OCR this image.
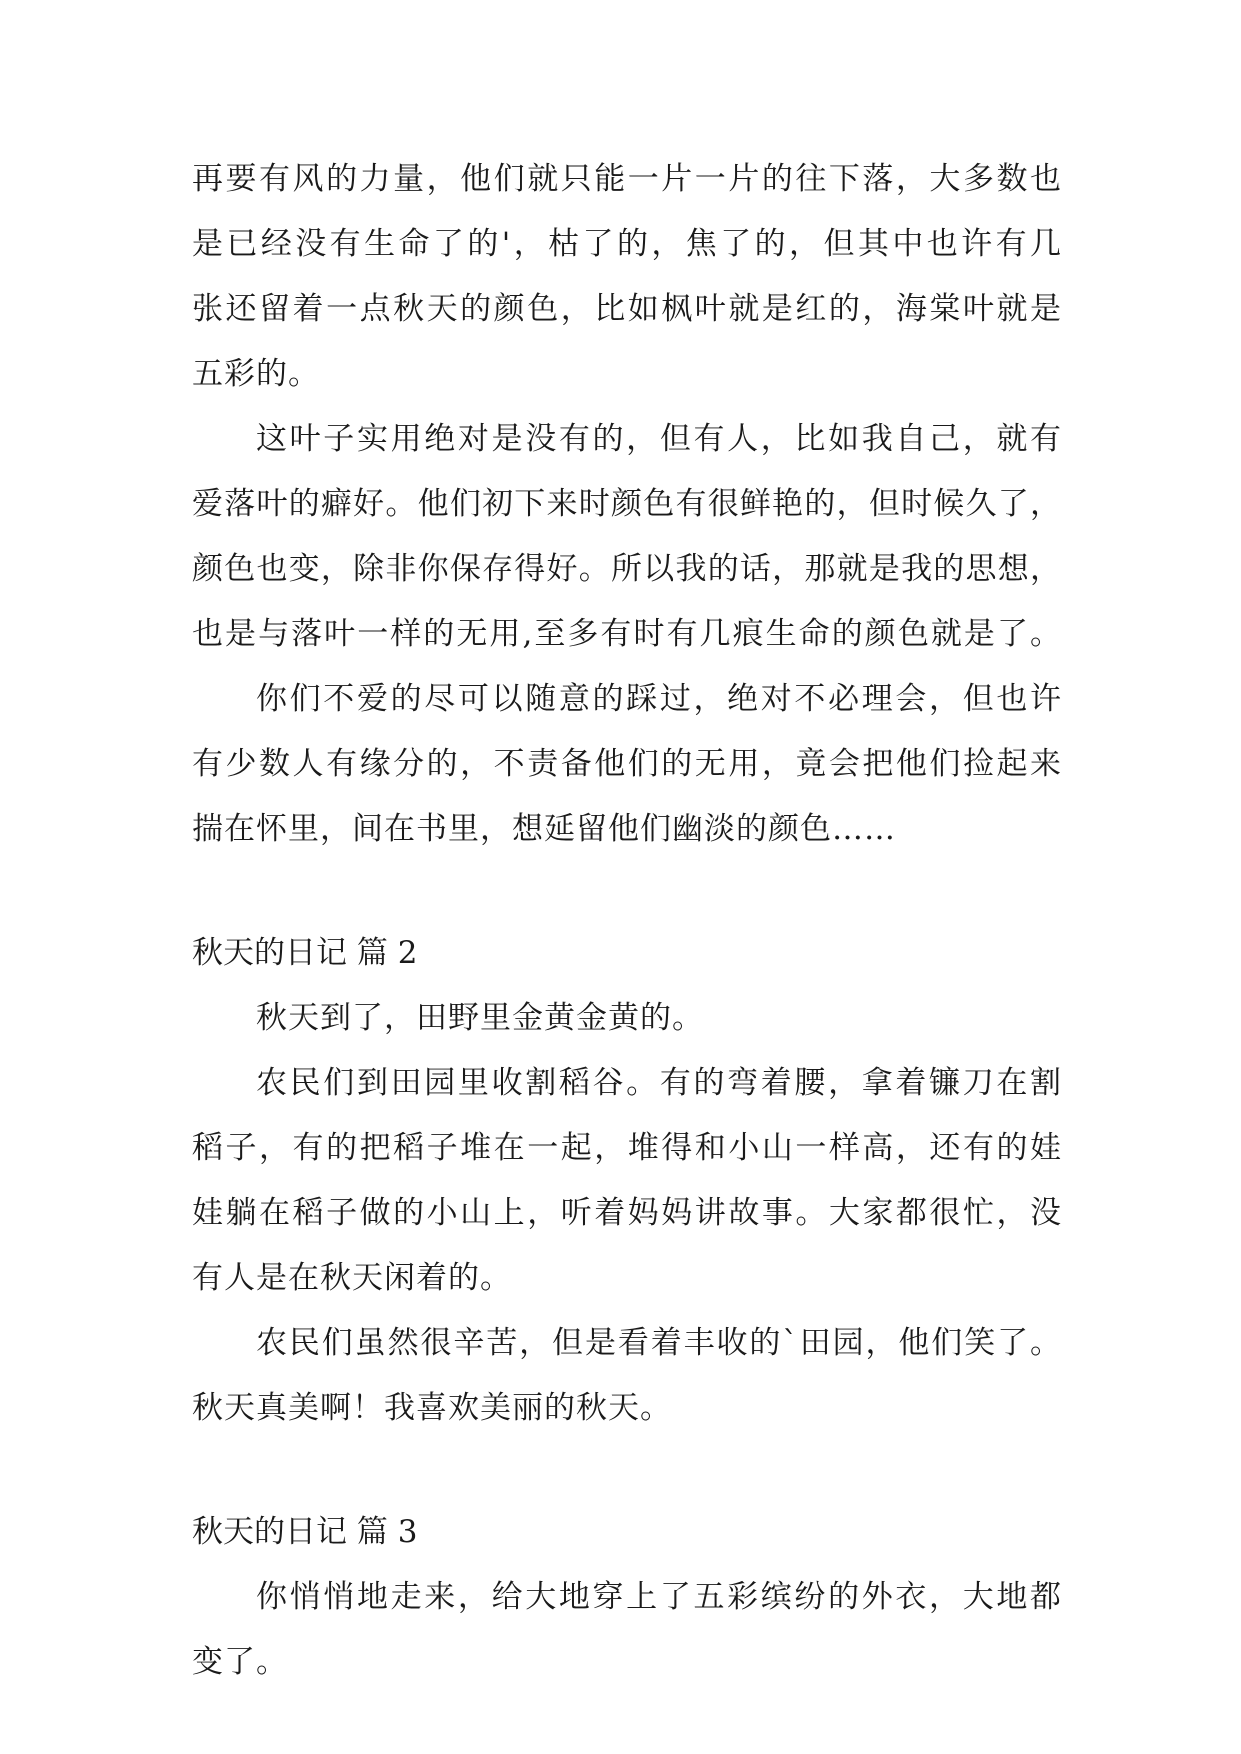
再要有风的力量，他们就只能一片一片的往下落，大多数也
是已经没有生命了的'，枯了的，焦了的，但其中也许有几
张还留着一点秋天的颜色，比如枫叶就是红的，海棠叶就是
五彩的。
这叶子实用绝对是没有的，但有人，比如我自己，就有
爱落叶的癖好。他们初下来时颜色有很鲜艳的，但时候久了，
颜色也变，除非你保存得好。所以我的话，那就是我的思想，
也是与落叶一样的无用,至多有时有几痕生命的颜色就是了。
你们不爱的尽可以随意的踩过，绝对不必理会，但也许
有少数人有缘分的，不责备他们的无用，竟会把他们捡起来
揣在怀里，间在书里，想延留他们幽淡的颜色……
秋天的日记 篇 2
秋天到了，田野里金黄金黄的。
农民们到田园里收割稻谷。有的弯着腰，拿着镰刀在割
稻子，有的把稻子堆在一起，堆得和小山一样高，还有的娃
娃躺在稻子做的小山上，听着妈妈讲故事。大家都很忙，没
有人是在秋天闲着的。
农民们虽然很辛苦，但是看着丰收的`田园，他们笑了。
秋天真美啊！我喜欢美丽的秋天。
秋天的日记 篇 3
你悄悄地走来，给大地穿上了五彩缤纷的外衣，大地都
变了。
